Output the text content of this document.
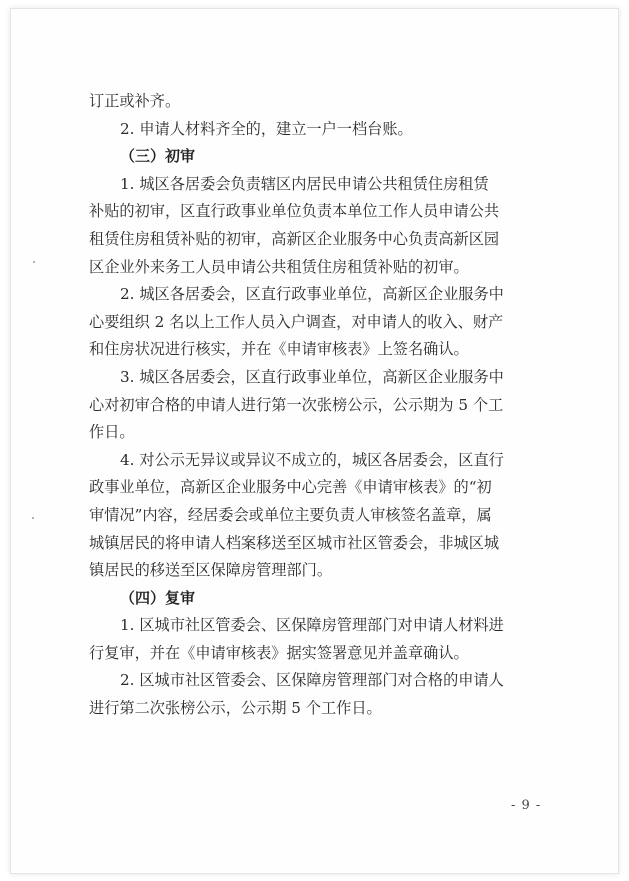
订正或补齐。
2. 申请人材料齐全的，建立一户一档台账。
（三）初审
1. 城区各居委会负责辖区内居民申请公共租赁住房租赁
补贴的初审，区直行政事业单位负责本单位工作人员申请公共
租赁住房租赁补贴的初审，高新区企业服务中心负责高新区园
区企业外来务工人员申请公共租赁住房租赁补贴的初审。
2. 城区各居委会，区直行政事业单位，高新区企业服务中
心要组织 2 名以上工作人员入户调查，对申请人的收入、财产
和住房状况进行核实，并在《申请审核表》上签名确认。
3. 城区各居委会，区直行政事业单位，高新区企业服务中
心对初审合格的申请人进行第一次张榜公示，公示期为 5 个工
作日。
4. 对公示无异议或异议不成立的，城区各居委会，区直行
政事业单位，高新区企业服务中心完善《申请审核表》的“初
审情况”内容，经居委会或单位主要负责人审核签名盖章，属
城镇居民的将申请人档案移送至区城市社区管委会，非城区城
镇居民的移送至区保障房管理部门。
（四）复审
1. 区城市社区管委会、区保障房管理部门对申请人材料进
行复审，并在《申请审核表》据实签署意见并盖章确认。
2. 区城市社区管委会、区保障房管理部门对合格的申请人
进行第二次张榜公示，公示期 5 个工作日。
- 9 -
